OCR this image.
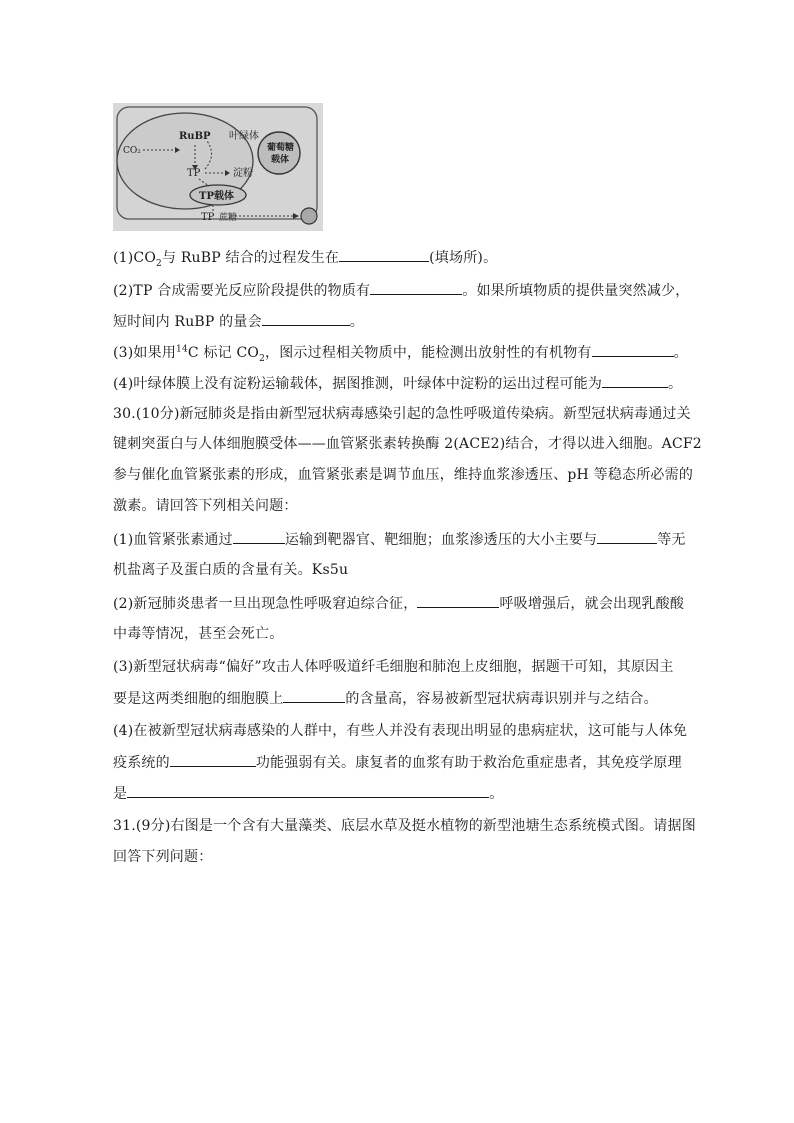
CO₂
RuBP 叶绿体
葡萄糖
载体
TP	淀粉
TP载体
TP 蔗糖
$(1)CO_2$与 RuBP 结合的过程发生在	(填场所)。
(2)TP 合成需要光反应阶段提供的物质有	。如果所填物质的提供量突然减少，
短时间内 RuBP 的量会	。
(3)如果用$^{14}$C 标记 $CO_2$，图示过程相关物质中，能检测出放射性的有机物有	。
(4)叶绿体膜上没有淀粉运输载体，据图推测，叶绿体中淀粉的运出过程可能为	。
30.(10分)新冠肺炎是指由新型冠状病毒感染引起的急性呼吸道传染病。新型冠状病毒通过关
键刺突蛋白与人体细胞膜受体——血管紧张素转换酶 2(ACE2)结合，才得以进入细胞。ACF2
参与催化血管紧张素的形成，血管紧张素是调节血压，维持血浆渗透压、pH 等稳态所必需的
激素。请回答下列相关问题：
(1)血管紧张素通过	运输到靶器官、靶细胞；血浆渗透压的大小主要与	等无
机盐离子及蛋白质的含量有关。Ks5u
(2)新冠肺炎患者一旦出现急性呼吸窘迫综合征，	呼吸增强后，就会出现乳酸酸
中毒等情况，甚至会死亡。
(3)新型冠状病毒“偏好”攻击人体呼吸道纤毛细胞和肺泡上皮细胞，据题干可知，其原因主
要是这两类细胞的细胞膜上	的含量高，容易被新型冠状病毒识别并与之结合。
(4)在被新型冠状病毒感染的人群中，有些人并没有表现出明显的患病症状，这可能与人体免
疫系统的	功能强弱有关。康复者的血浆有助于救治危重症患者，其免疫学原理
是	。
31.(9分)右图是一个含有大量藻类、底层水草及挺水植物的新型池塘生态系统模式图。请据图
回答下列问题：
